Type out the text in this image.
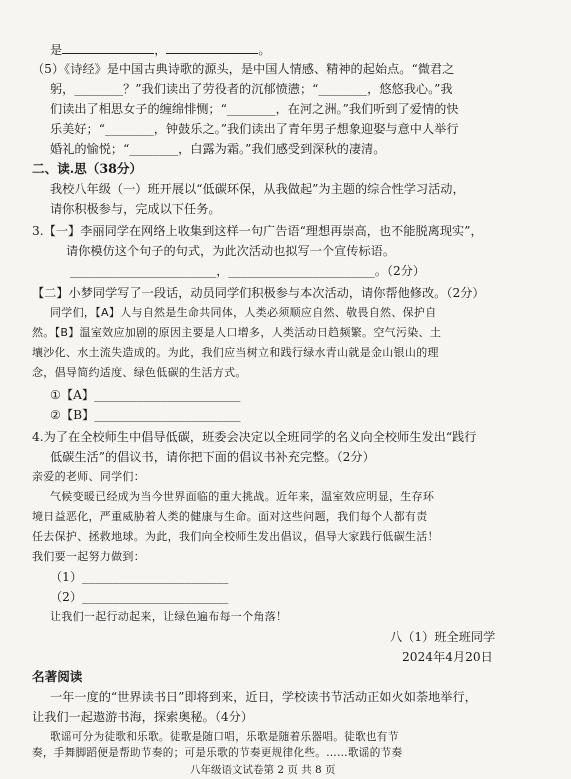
是	，	。
（5）《诗经》是中国古典诗歌的源头，是中国人情感、精神的起始点。“微君之
躬，________？”我们读出了劳役者的沉郁愤懑；“________，悠悠我心。”我
们读出了相思女子的缠绵悱恻；“________，在河之洲。”我们听到了爱情的快
乐美好；“________，钟鼓乐之。”我们读出了青年男子想象迎娶与意中人举行
婚礼的愉悦；“________，白露为霜。”我们感受到深秋的凄清。
二、读.思（38分）
我校八年级（一）班开展以“低碳环保，从我做起”为主题的综合性学习活动，
请你积极参与，完成以下任务。
3.【一】李丽同学在网络上收集到这样一句广告语“理想再崇高，也不能脱离现实”，
请你模仿这个句子的句式，为此次活动也拟写一个宣传标语。
________________________，________________________。（2分）
【二】小梦同学写了一段话，动员同学们积极参与本次活动，请你帮他修改。（2分）
同学们，【A】人与自然是生命共同体，人类必须顺应自然、敬畏自然、保护自
然。【B】温室效应加剧的原因主要是人口增多，人类活动日趋频繁。空气污染、土
壤沙化、水土流失造成的。为此，我们应当树立和践行绿水青山就是金山银山的理
念，倡导简约适度、绿色低碳的生活方式。
①【A】________________________
②【B】________________________
4.为了在全校师生中倡导低碳，班委会决定以全班同学的名义向全校师生发出“践行
低碳生活”的倡议书，请你把下面的倡议书补充完整。（2分）
亲爱的老师、同学们：
气候变暖已经成为当今世界面临的重大挑战。近年来，温室效应明显，生存环
境日益恶化，严重威胁着人类的健康与生命。面对这些问题，我们每个人都有责
任去保护、拯救地球。为此，我们向全校师生发出倡议，倡导大家践行低碳生活！
我们要一起努力做到：
（1）________________________
（2）________________________
让我们一起行动起来，让绿色遍布每一个角落！
八（1）班全班同学
2024年4月20日
名著阅读
一年一度的“世界读书日”即将到来，近日，学校读书节活动正如火如荼地举行，
让我们一起遨游书海，探索奥秘。（4分）
歌谣可分为徒歌和乐歌。徒歌是随口唱，乐歌是随着乐器唱。徒歌也有节
奏，手舞脚蹈便是帮助节奏的；可是乐歌的节奏更规律化些。……歌谣的节奏
八年级语文试卷第 2 页 共 8 页
